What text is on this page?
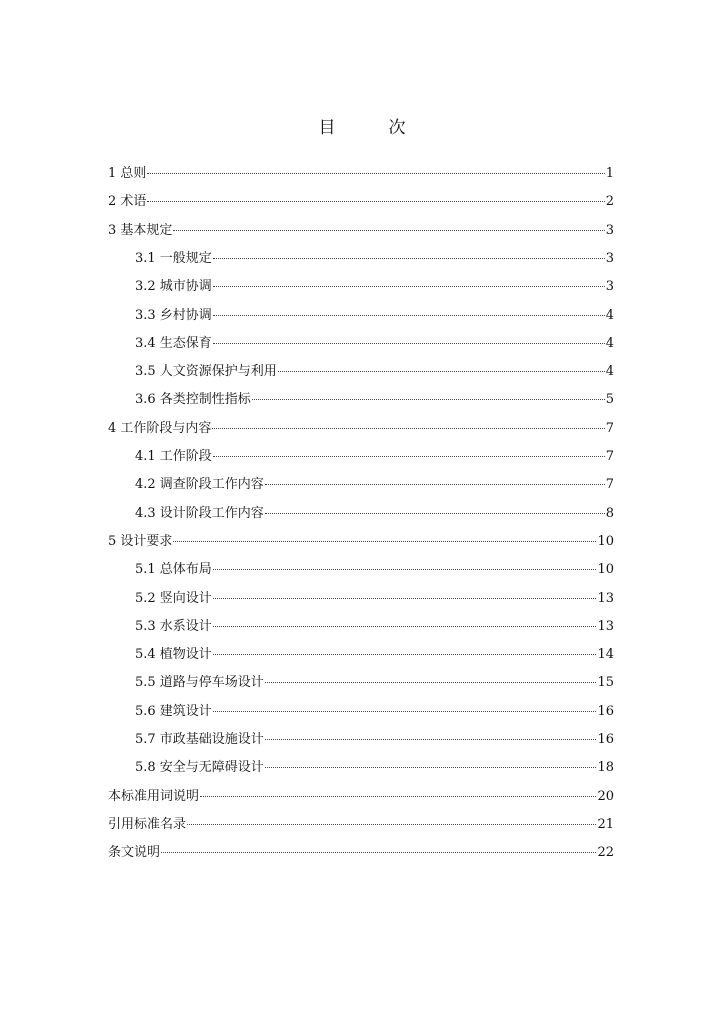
目　次
1 总则	1
2 术语	2
3 基本规定	3
3.1 一般规定	3
3.2 城市协调	3
3.3 乡村协调	4
3.4 生态保育	4
3.5 人文资源保护与利用	4
3.6 各类控制性指标	5
4 工作阶段与内容	7
4.1 工作阶段	7
4.2 调查阶段工作内容	7
4.3 设计阶段工作内容	8
5 设计要求	10
5.1 总体布局	10
5.2 竖向设计	13
5.3 水系设计	13
5.4 植物设计	14
5.5 道路与停车场设计	15
5.6 建筑设计	16
5.7 市政基础设施设计	16
5.8 安全与无障碍设计	18
本标准用词说明	20
引用标准名录	21
条文说明	22
